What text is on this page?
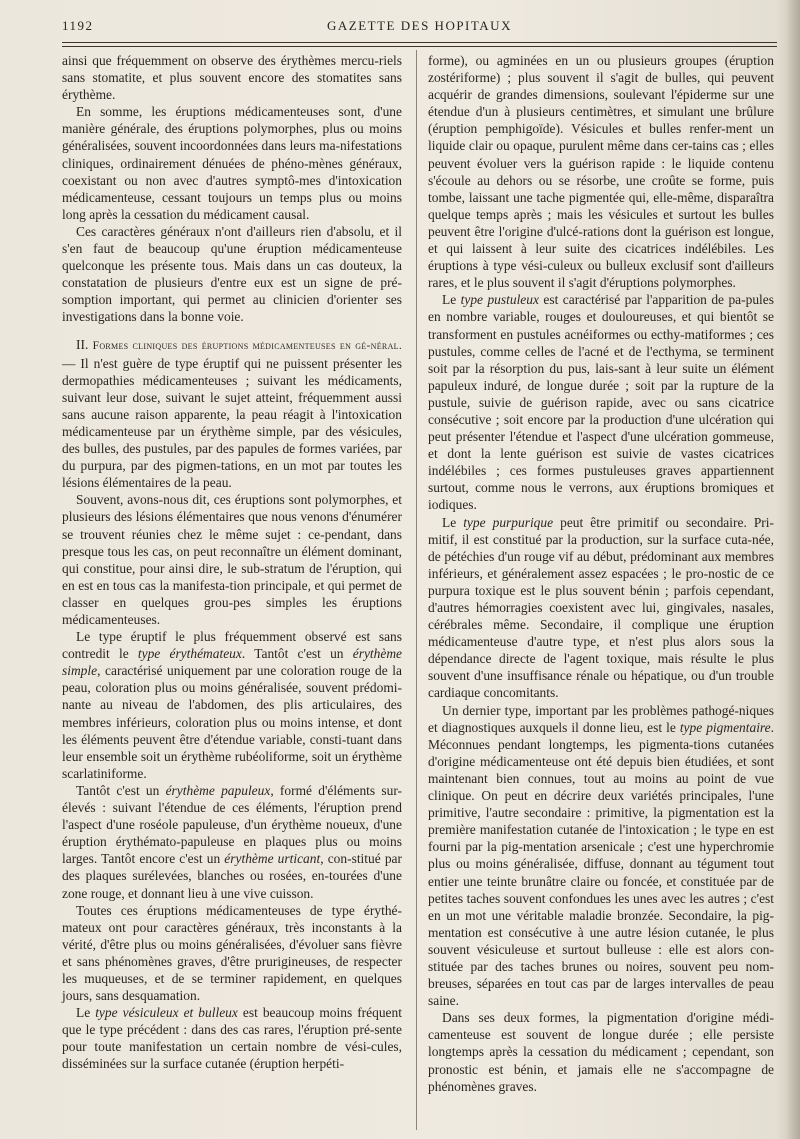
1192	GAZETTE DES HOPITAUX

ainsi que fréquemment on observe des érythèmes mercu-riels sans stomatite, et plus souvent encore des stomatites sans érythème.

En somme, les éruptions médicamenteuses sont, d'une manière générale, des éruptions polymorphes, plus ou moins généralisées, souvent incoordonnées dans leurs ma-nifestations cliniques, ordinairement dénuées de phéno-mènes généraux, coexistant ou non avec d'autres symptô-mes d'intoxication médicamenteuse, cessant toujours un temps plus ou moins long après la cessation du médicament causal.

Ces caractères généraux n'ont d'ailleurs rien d'absolu, et il s'en faut de beaucoup qu'une éruption médicamenteuse quelconque les présente tous. Mais dans un cas douteux, la constatation de plusieurs d'entre eux est un signe de pré-somption important, qui permet au clinicien d'orienter ses investigations dans la bonne voie.

II. Formes cliniques des éruptions médicamenteuses en gé-néral. — Il n'est guère de type éruptif qui ne puissent présenter les dermopathies médicamenteuses ; suivant les médicaments, suivant leur dose, suivant le sujet atteint, fréquemment aussi sans aucune raison apparente, la peau réagit à l'intoxication médicamenteuse par un érythème simple, par des vésicules, des bulles, des pustules, par des papules de formes variées, par du purpura, par des pigmen-tations, en un mot par toutes les lésions élémentaires de la peau.

Souvent, avons-nous dit, ces éruptions sont polymorphes, et plusieurs des lésions élémentaires que nous venons d'énumérer se trouvent réunies chez le même sujet : ce-pendant, dans presque tous les cas, on peut reconnaître un élément dominant, qui constitue, pour ainsi dire, le sub-stratum de l'éruption, qui en est en tous cas la manifesta-tion principale, et qui permet de classer en quelques grou-pes simples les éruptions médicamenteuses.

Le type éruptif le plus fréquemment observé est sans contredit le type érythémateux. Tantôt c'est un érythème simple, caractérisé uniquement par une coloration rouge de la peau, coloration plus ou moins généralisée, souvent prédomi-nante au niveau de l'abdomen, des plis articulaires, des membres inférieurs, coloration plus ou moins intense, et dont les éléments peuvent être d'étendue variable, consti-tuant dans leur ensemble soit un érythème rubéoliforme, soit un érythème scarlatiniforme.

Tantôt c'est un érythème papuleux, formé d'éléments sur-élevés : suivant l'étendue de ces éléments, l'éruption prend l'aspect d'une roséole papuleuse, d'un érythème noueux, d'une éruption érythémato-papuleuse en plaques plus ou moins larges. Tantôt encore c'est un érythème urticant, con-stitué par des plaques surélevées, blanches ou rosées, en-tourées d'une zone rouge, et donnant lieu à une vive cuisson.

Toutes ces éruptions médicamenteuses de type érythé-mateux ont pour caractères généraux, très inconstants à la vérité, d'être plus ou moins généralisées, d'évoluer sans fièvre et sans phénomènes graves, d'être prurigineuses, de respecter les muqueuses, et de se terminer rapidement, en quelques jours, sans desquamation.

Le type vésiculeux et bulleux est beaucoup moins fréquent que le type précédent : dans des cas rares, l'éruption pré-sente pour toute manifestation un certain nombre de vési-cules, disséminées sur la surface cutanée (éruption herpéti-

forme), ou agminées en un ou plusieurs groupes (éruption zostériforme) ; plus souvent il s'agit de bulles, qui peuvent acquérir de grandes dimensions, soulevant l'épiderme sur une étendue d'un à plusieurs centimètres, et simulant une brûlure (éruption pemphigoïde). Vésicules et bulles renfer-ment un liquide clair ou opaque, purulent même dans cer-tains cas ; elles peuvent évoluer vers la guérison rapide : le liquide contenu s'écoule au dehors ou se résorbe, une croûte se forme, puis tombe, laissant une tache pigmentée qui, elle-même, disparaîtra quelque temps après ; mais les vésicules et surtout les bulles peuvent être l'origine d'ulcé-rations dont la guérison est longue, et qui laissent à leur suite des cicatrices indélébiles. Les éruptions à type vési-culeux ou bulleux exclusif sont d'ailleurs rares, et le plus souvent il s'agit d'éruptions polymorphes.

Le type pustuleux est caractérisé par l'apparition de pa-pules en nombre variable, rouges et douloureuses, et qui bientôt se transforment en pustules acnéiformes ou ecthy-matiformes ; ces pustules, comme celles de l'acné et de l'ecthyma, se terminent soit par la résorption du pus, lais-sant à leur suite un élément papuleux induré, de longue durée ; soit par la rupture de la pustule, suivie de guérison rapide, avec ou sans cicatrice consécutive ; soit encore par la production d'une ulcération qui peut présenter l'étendue et l'aspect d'une ulcération gommeuse, et dont la lente guérison est suivie de vastes cicatrices indélébiles ; ces formes pustuleuses graves appartiennent surtout, comme nous le verrons, aux éruptions bromiques et iodiques.

Le type purpurique peut être primitif ou secondaire. Pri-mitif, il est constitué par la production, sur la surface cuta-née, de pétéchies d'un rouge vif au début, prédominant aux membres inférieurs, et généralement assez espacées ; le pro-nostic de ce purpura toxique est le plus souvent bénin ; parfois cependant, d'autres hémorragies coexistent avec lui, gingivales, nasales, cérébrales même. Secondaire, il complique une éruption médicamenteuse d'autre type, et n'est plus alors sous la dépendance directe de l'agent toxique, mais résulte le plus souvent d'une insuffisance rénale ou hépatique, ou d'un trouble cardiaque concomitants.

Un dernier type, important par les problèmes pathogé-niques et diagnostiques auxquels il donne lieu, est le type pigmentaire. Méconnues pendant longtemps, les pigmenta-tions cutanées d'origine médicamenteuse ont été depuis bien étudiées, et sont maintenant bien connues, tout au moins au point de vue clinique. On peut en décrire deux variétés principales, l'une primitive, l'autre secondaire : primitive, la pigmentation est la première manifestation cutanée de l'intoxication ; le type en est fourni par la pig-mentation arsenicale ; c'est une hyperchromie plus ou moins généralisée, diffuse, donnant au tégument tout entier une teinte brunâtre claire ou foncée, et constituée par de petites taches souvent confondues les unes avec les autres ; c'est en un mot une véritable maladie bronzée. Secondaire, la pig-mentation est consécutive à une autre lésion cutanée, le plus souvent vésiculeuse et surtout bulleuse : elle est alors con-stituée par des taches brunes ou noires, souvent peu nom-breuses, séparées en tout cas par de larges intervalles de peau saine.

Dans ses deux formes, la pigmentation d'origine médi-camenteuse est souvent de longue durée ; elle persiste longtemps après la cessation du médicament ; cependant, son pronostic est bénin, et jamais elle ne s'accompagne de phénomènes graves.
